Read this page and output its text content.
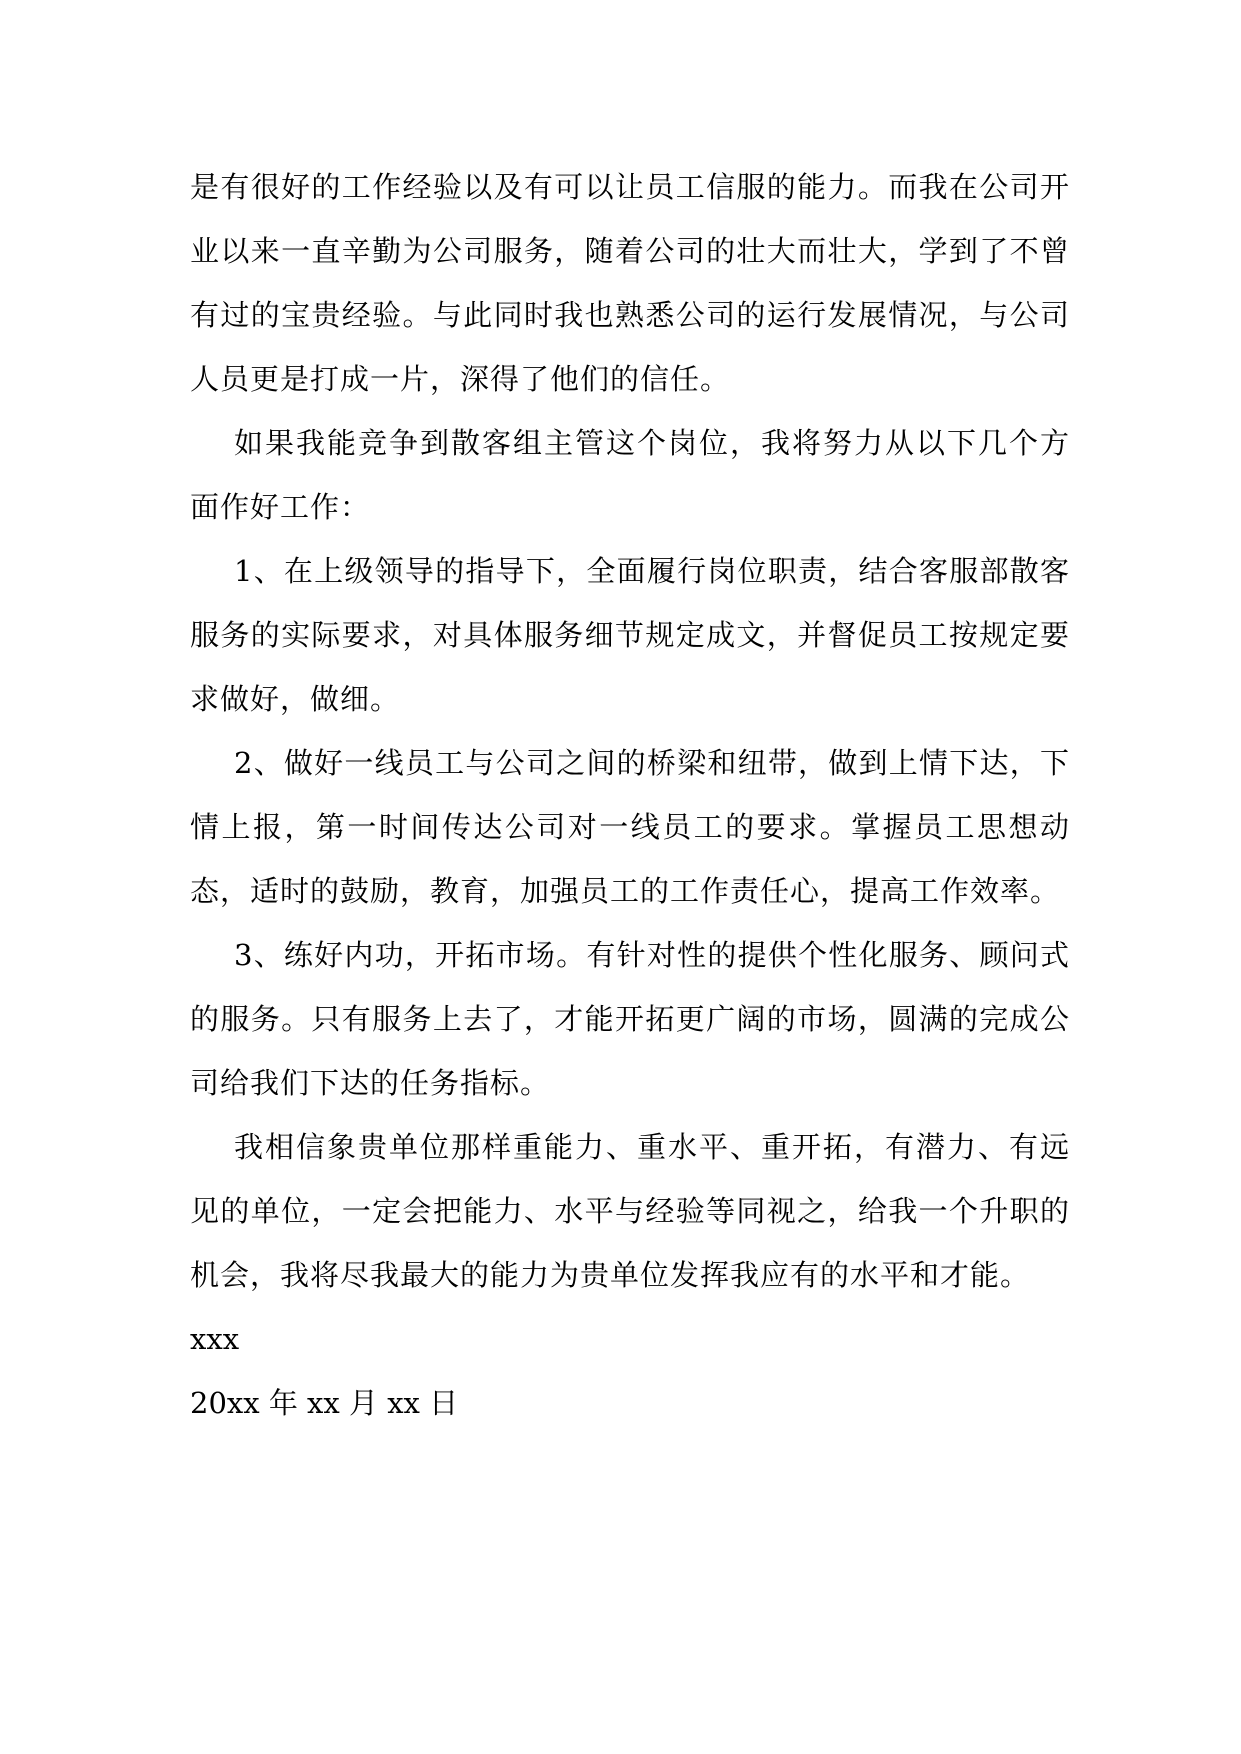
是有很好的工作经验以及有可以让员工信服的能力。而我在公司开业以来一直辛勤为公司服务，随着公司的壮大而壮大，学到了不曾有过的宝贵经验。与此同时我也熟悉公司的运行发展情况，与公司人员更是打成一片，深得了他们的信任。

如果我能竞争到散客组主管这个岗位，我将努力从以下几个方面作好工作：

1、在上级领导的指导下，全面履行岗位职责，结合客服部散客服务的实际要求，对具体服务细节规定成文，并督促员工按规定要求做好，做细。

2、做好一线员工与公司之间的桥梁和纽带，做到上情下达，下情上报，第一时间传达公司对一线员工的要求。掌握员工思想动态，适时的鼓励，教育，加强员工的工作责任心，提高工作效率。

3、练好内功，开拓市场。有针对性的提供个性化服务、顾问式的服务。只有服务上去了，才能开拓更广阔的市场，圆满的完成公司给我们下达的任务指标。

我相信象贵单位那样重能力、重水平、重开拓，有潜力、有远见的单位，一定会把能力、水平与经验等同视之，给我一个升职的机会，我将尽我最大的能力为贵单位发挥我应有的水平和才能。

xxx

20xx 年 xx 月 xx 日
